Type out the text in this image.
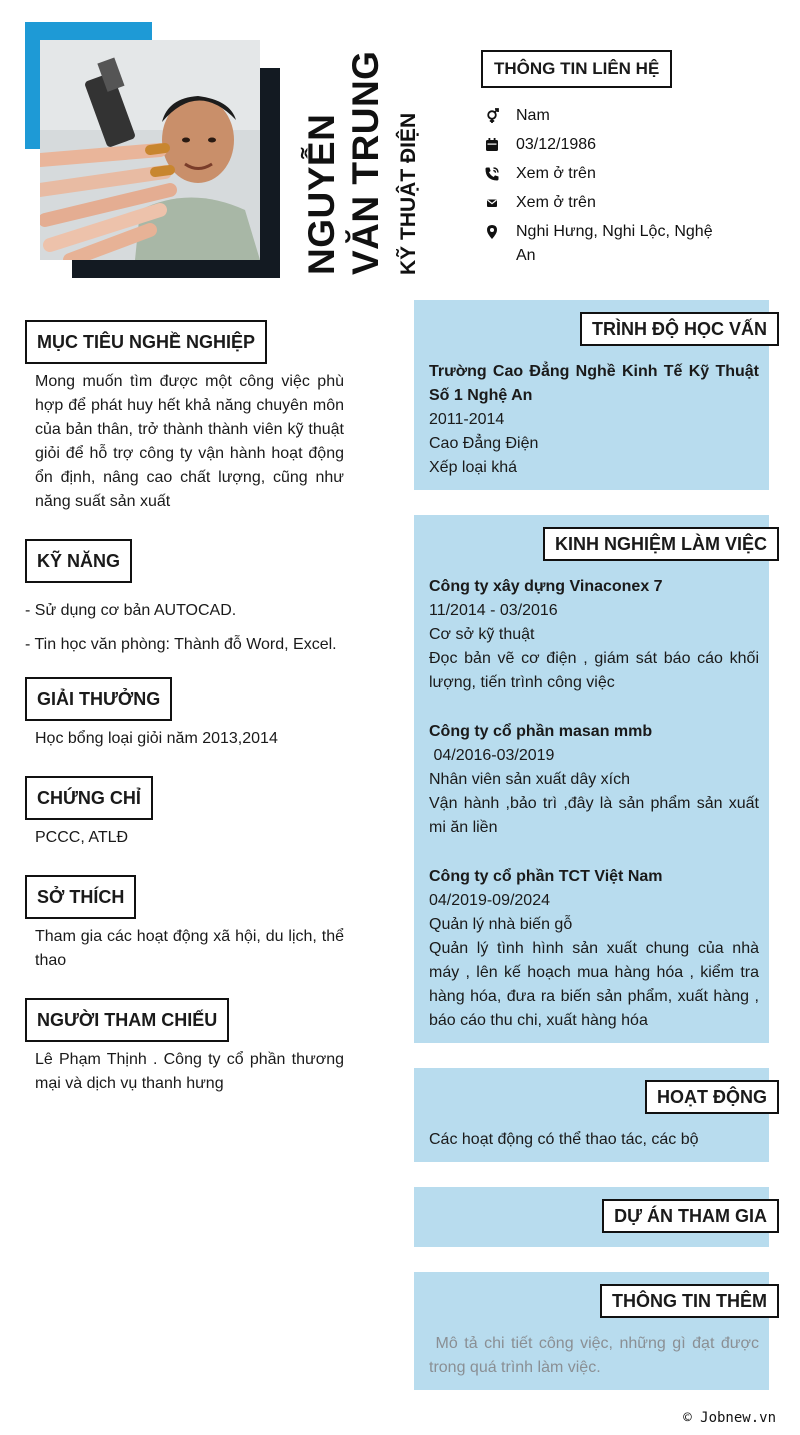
NGUYỄN VĂN TRUNG KỸ THUẬT ĐIỆN
THÔNG TIN LIÊN HỆ
Nam
03/12/1986
Xem ở trên
Xem ở trên
Nghi Hưng, Nghi Lộc, Nghệ An
MỤC TIÊU NGHỀ NGHIỆP
Mong muốn tìm được một công việc phù hợp để phát huy hết khả năng chuyên môn của bản thân, trở thành thành viên kỹ thuật giỏi để hỗ trợ công ty vận hành hoạt động ổn định, nâng cao chất lượng, cũng như năng suất sản xuất
KỸ NĂNG
- Sử dụng cơ bản AUTOCAD.
- Tin học văn phòng: Thành đỗ Word, Excel.
GIẢI THƯỞNG
Học bổng loại giỏi năm 2013,2014
CHỨNG CHỈ
PCCC, ATLĐ
SỞ THÍCH
Tham gia các hoạt động xã hội, du lịch, thể thao
NGƯỜI THAM CHIẾU
Lê Phạm Thịnh . Công ty cổ phần thương mại và dịch vụ thanh hưng
TRÌNH ĐỘ HỌC VẤN
Trường Cao Đẳng Nghề Kinh Tế Kỹ Thuật Số 1 Nghệ An
2011-2014
Cao Đẳng Điện
Xếp loại khá
KINH NGHIỆM LÀM VIỆC
Công ty xây dựng Vinaconex 7
11/2014 - 03/2016
Cơ sở kỹ thuật
Đọc bản vẽ cơ điện , giám sát báo cáo khối lượng, tiến trình công việc
Công ty cổ phần masan mmb
04/2016-03/2019
Nhân viên sản xuất dây xích
Vận hành ,bảo trì ,đây là sản phẩm sản xuất mi ăn liền
Công ty cổ phần TCT Việt Nam
04/2019-09/2024
Quản lý nhà biến gỗ
Quản lý tình hình sản xuất chung của nhà máy , lên kế hoạch mua hàng hóa , kiểm tra hàng hóa, đưa ra biến sản phẩm, xuất hàng , báo cáo thu chi, xuất hàng hóa
HOẠT ĐỘNG
Các hoạt động có thể thao tác, các bộ
DỰ ÁN THAM GIA
THÔNG TIN THÊM
Mô tả chi tiết công việc, những gì đạt được trong quá trình làm việc.
© Jobnew.vn
